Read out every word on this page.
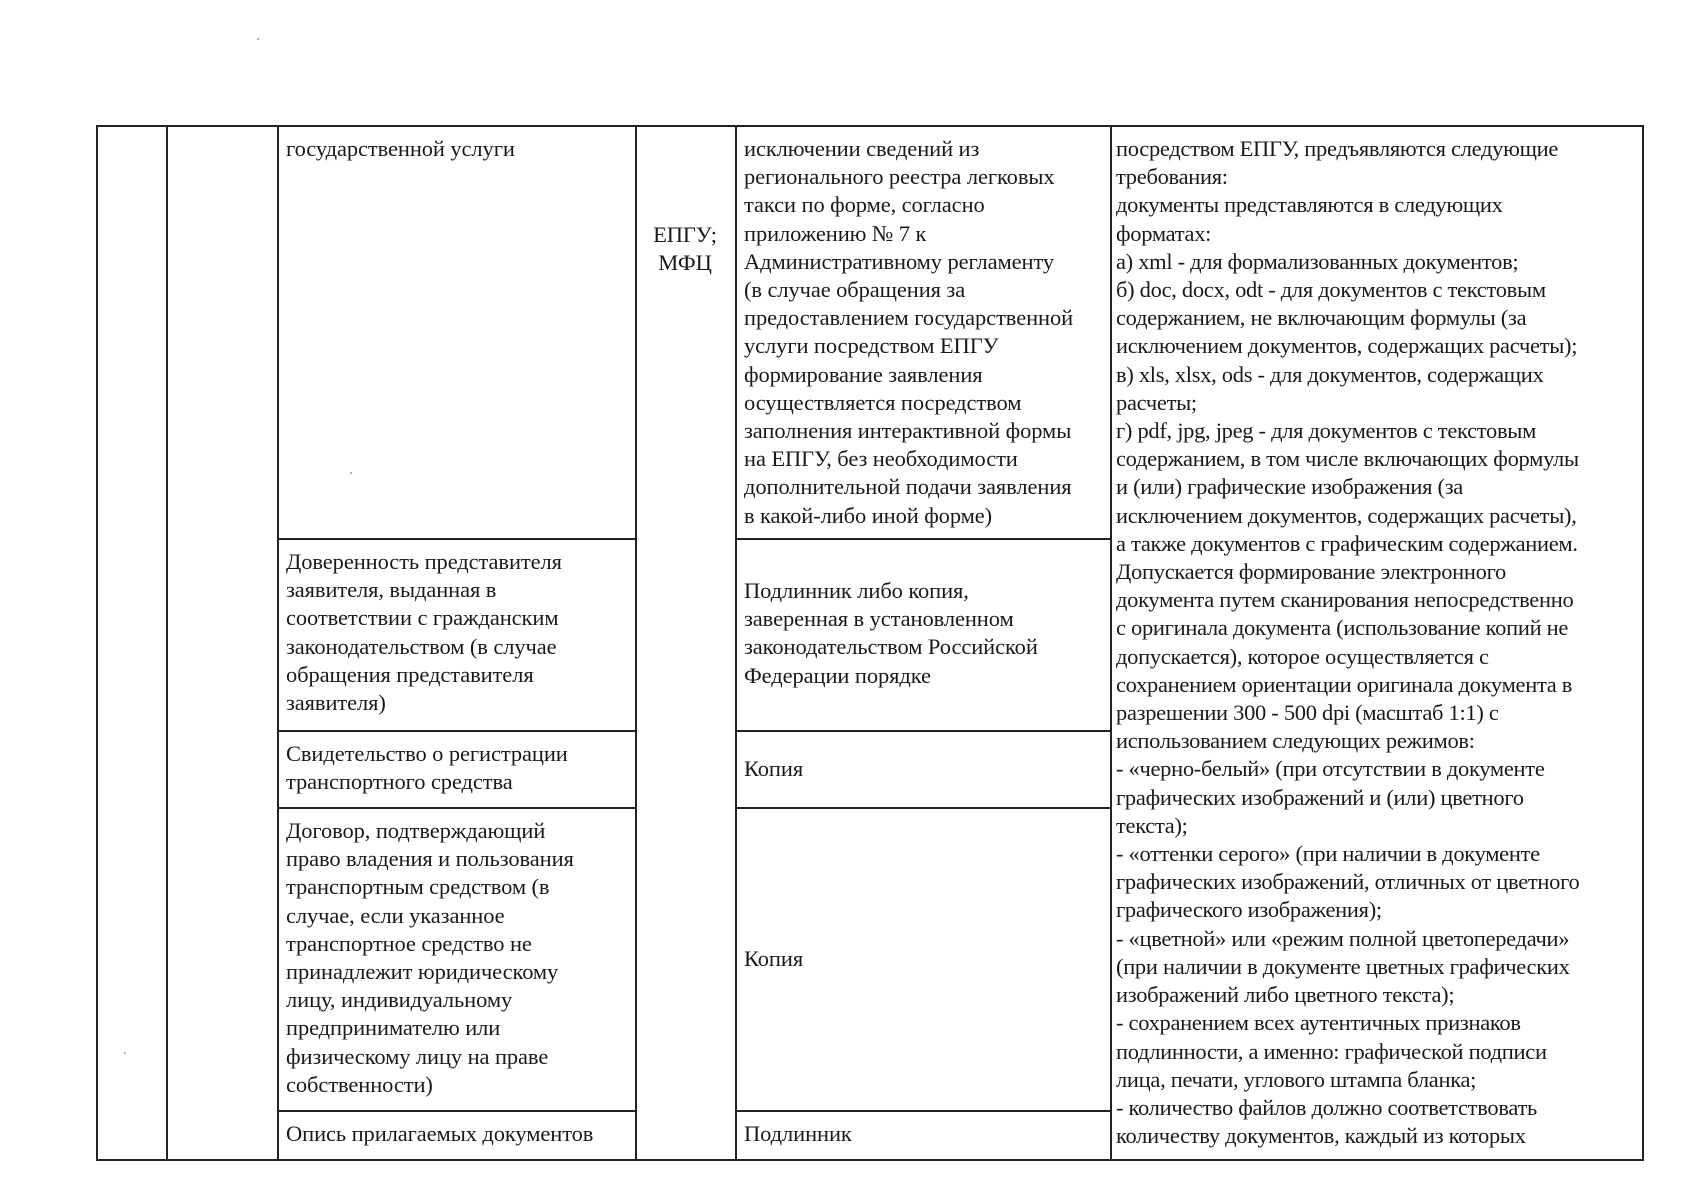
государственной услуги
Доверенность представителя
заявителя, выданная в
соответствии с гражданским
законодательством (в случае
обращения представителя
заявителя)
Свидетельство о регистрации
транспортного средства
Договор, подтверждающий
право владения и пользования
транспортным средством (в
случае, если указанное
транспортное средство не
принадлежит юридическому
лицу, индивидуальному
предпринимателю или
физическому лицу на праве
собственности)
Опись прилагаемых документов
ЕПГУ;
МФЦ
исключении сведений из
регионального реестра легковых
такси по форме, согласно
приложению № 7 к
Административному регламенту
(в случае обращения за
предоставлением государственной
услуги посредством ЕПГУ
формирование заявления
осуществляется посредством
заполнения интерактивной формы
на ЕПГУ, без необходимости
дополнительной подачи заявления
в какой-либо иной форме)
Подлинник либо копия,
заверенная в установленном
законодательством Российской
Федерации порядке
Копия
Копия
Подлинник
посредством ЕПГУ, предъявляются следующие
требования:
документы представляются в следующих
форматах:
а) xml - для формализованных документов;
б) doc, docx, odt - для документов с текстовым
содержанием, не включающим формулы (за
исключением документов, содержащих расчеты);
в) xls, xlsx, ods - для документов, содержащих
расчеты;
г) pdf, jpg, jpeg - для документов с текстовым
содержанием, в том числе включающих формулы
и (или) графические изображения (за
исключением документов, содержащих расчеты),
а также документов с графическим содержанием.
Допускается формирование электронного
документа путем сканирования непосредственно
с оригинала документа (использование копий не
допускается), которое осуществляется с
сохранением ориентации оригинала документа в
разрешении 300 - 500 dpi (масштаб 1:1) с
использованием следующих режимов:
- «черно-белый» (при отсутствии в документе
графических изображений и (или) цветного
текста);
- «оттенки серого» (при наличии в документе
графических изображений, отличных от цветного
графического изображения);
- «цветной» или «режим полной цветопередачи»
(при наличии в документе цветных графических
изображений либо цветного текста);
- сохранением всех аутентичных признаков
подлинности, а именно: графической подписи
лица, печати, углового штампа бланка;
- количество файлов должно соответствовать
количеству документов, каждый из которых
